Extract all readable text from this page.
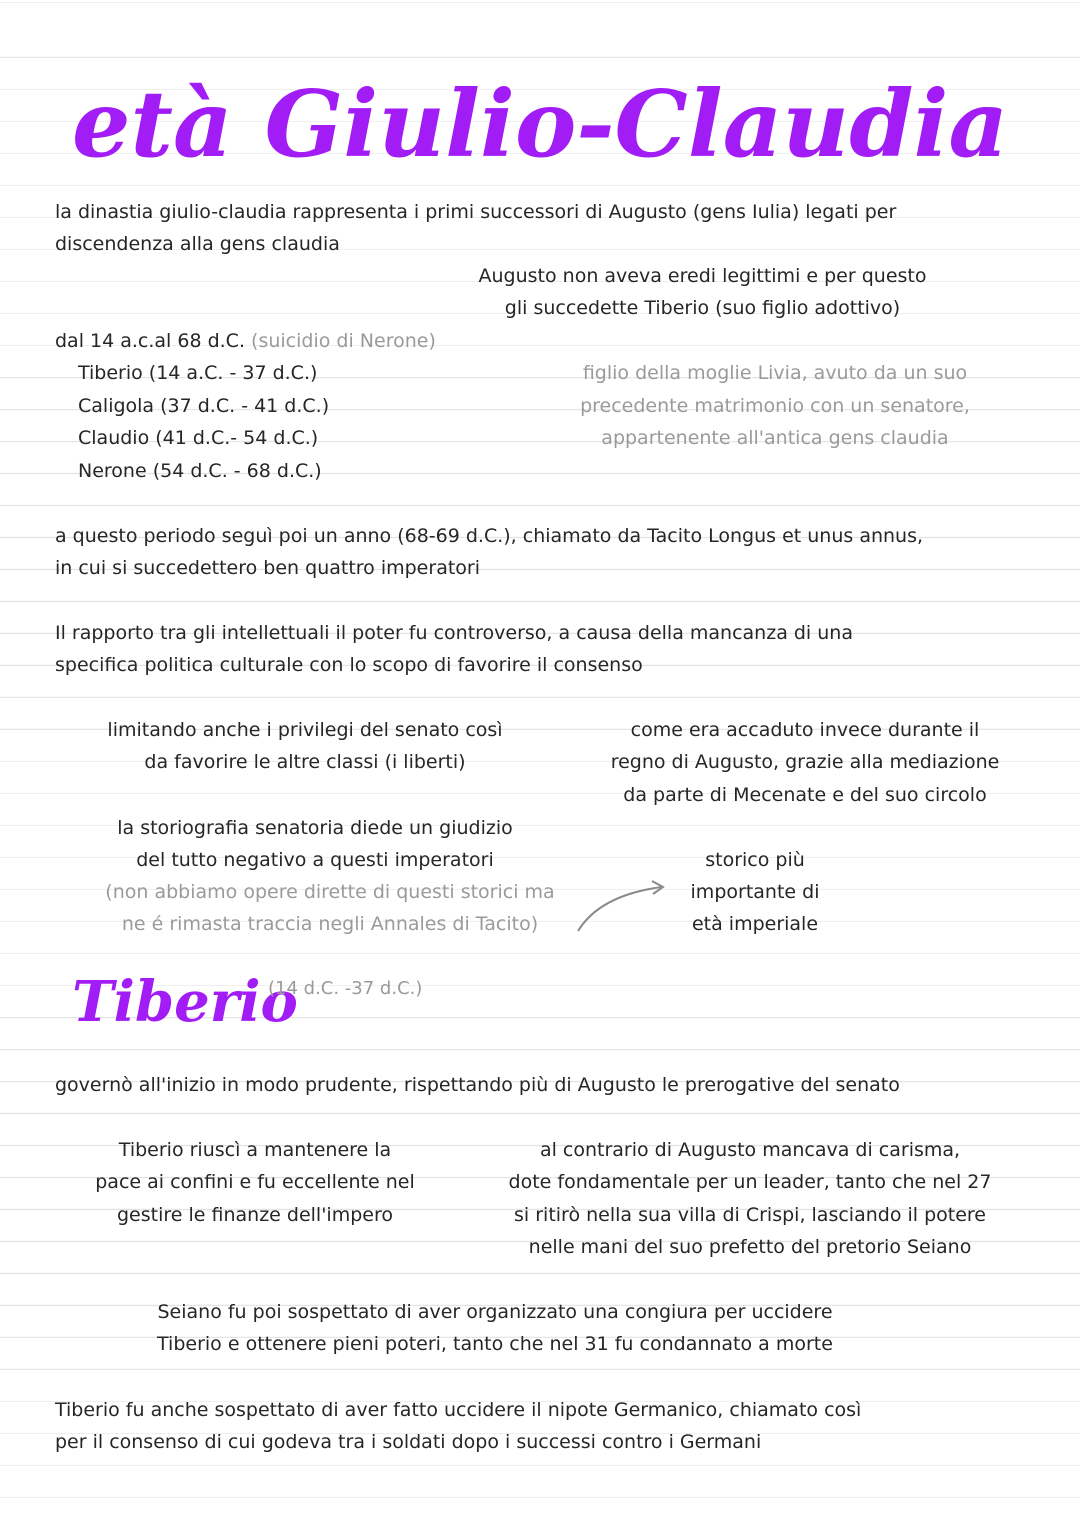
età Giulio-Claudia

la dinastia giulio-claudia rappresenta i primi successori di Augusto (gens Iulia) legati per

discendenza alla gens claudia

Augusto non aveva eredi legittimi e per questo

gli succedette Tiberio (suo figlio adottivo)

dal 14 a.c.al 68 d.C. (suicidio di Nerone)

Tiberio (14 a.C. - 37 d.C.)

Caligola (37 d.C. - 41 d.C.)

Claudio (41 d.C.- 54 d.C.)

Nerone (54 d.C. - 68 d.C.)

figlio della moglie Livia, avuto da un suo

precedente matrimonio con un senatore,

appartenente all'antica gens claudia

a questo periodo seguì poi un anno (68-69 d.C.), chiamato da Tacito Longus et unus annus,

in cui si succedettero ben quattro imperatori

Il rapporto tra gli intellettuali il poter fu controverso, a causa della mancanza di una

specifica politica culturale con lo scopo di favorire il consenso

limitando anche i privilegi del senato così

da favorire le altre classi (i liberti)

come era accaduto invece durante il

regno di Augusto, grazie alla mediazione

da parte di Mecenate e del suo circolo

la storiografia senatoria diede un giudizio

del tutto negativo a questi imperatori

(non abbiamo opere dirette di questi storici ma

ne é rimasta traccia negli Annales di Tacito)

storico più

importante di

età imperiale

Tiberio
(14 d.C. -37 d.C.)

governò all'inizio in modo prudente, rispettando più di Augusto le prerogative del senato

Tiberio riuscì a mantenere la

pace ai confini e fu eccellente nel

gestire le finanze dell'impero

al contrario di Augusto mancava di carisma,

dote fondamentale per un leader, tanto che nel 27

si ritirò nella sua villa di Crispi, lasciando il potere

nelle mani del suo prefetto del pretorio Seiano

Seiano fu poi sospettato di aver organizzato una congiura per uccidere

Tiberio e ottenere pieni poteri, tanto che nel 31 fu condannato a morte

Tiberio fu anche sospettato di aver fatto uccidere il nipote Germanico, chiamato così

per il consenso di cui godeva tra i soldati dopo i successi contro i Germani
